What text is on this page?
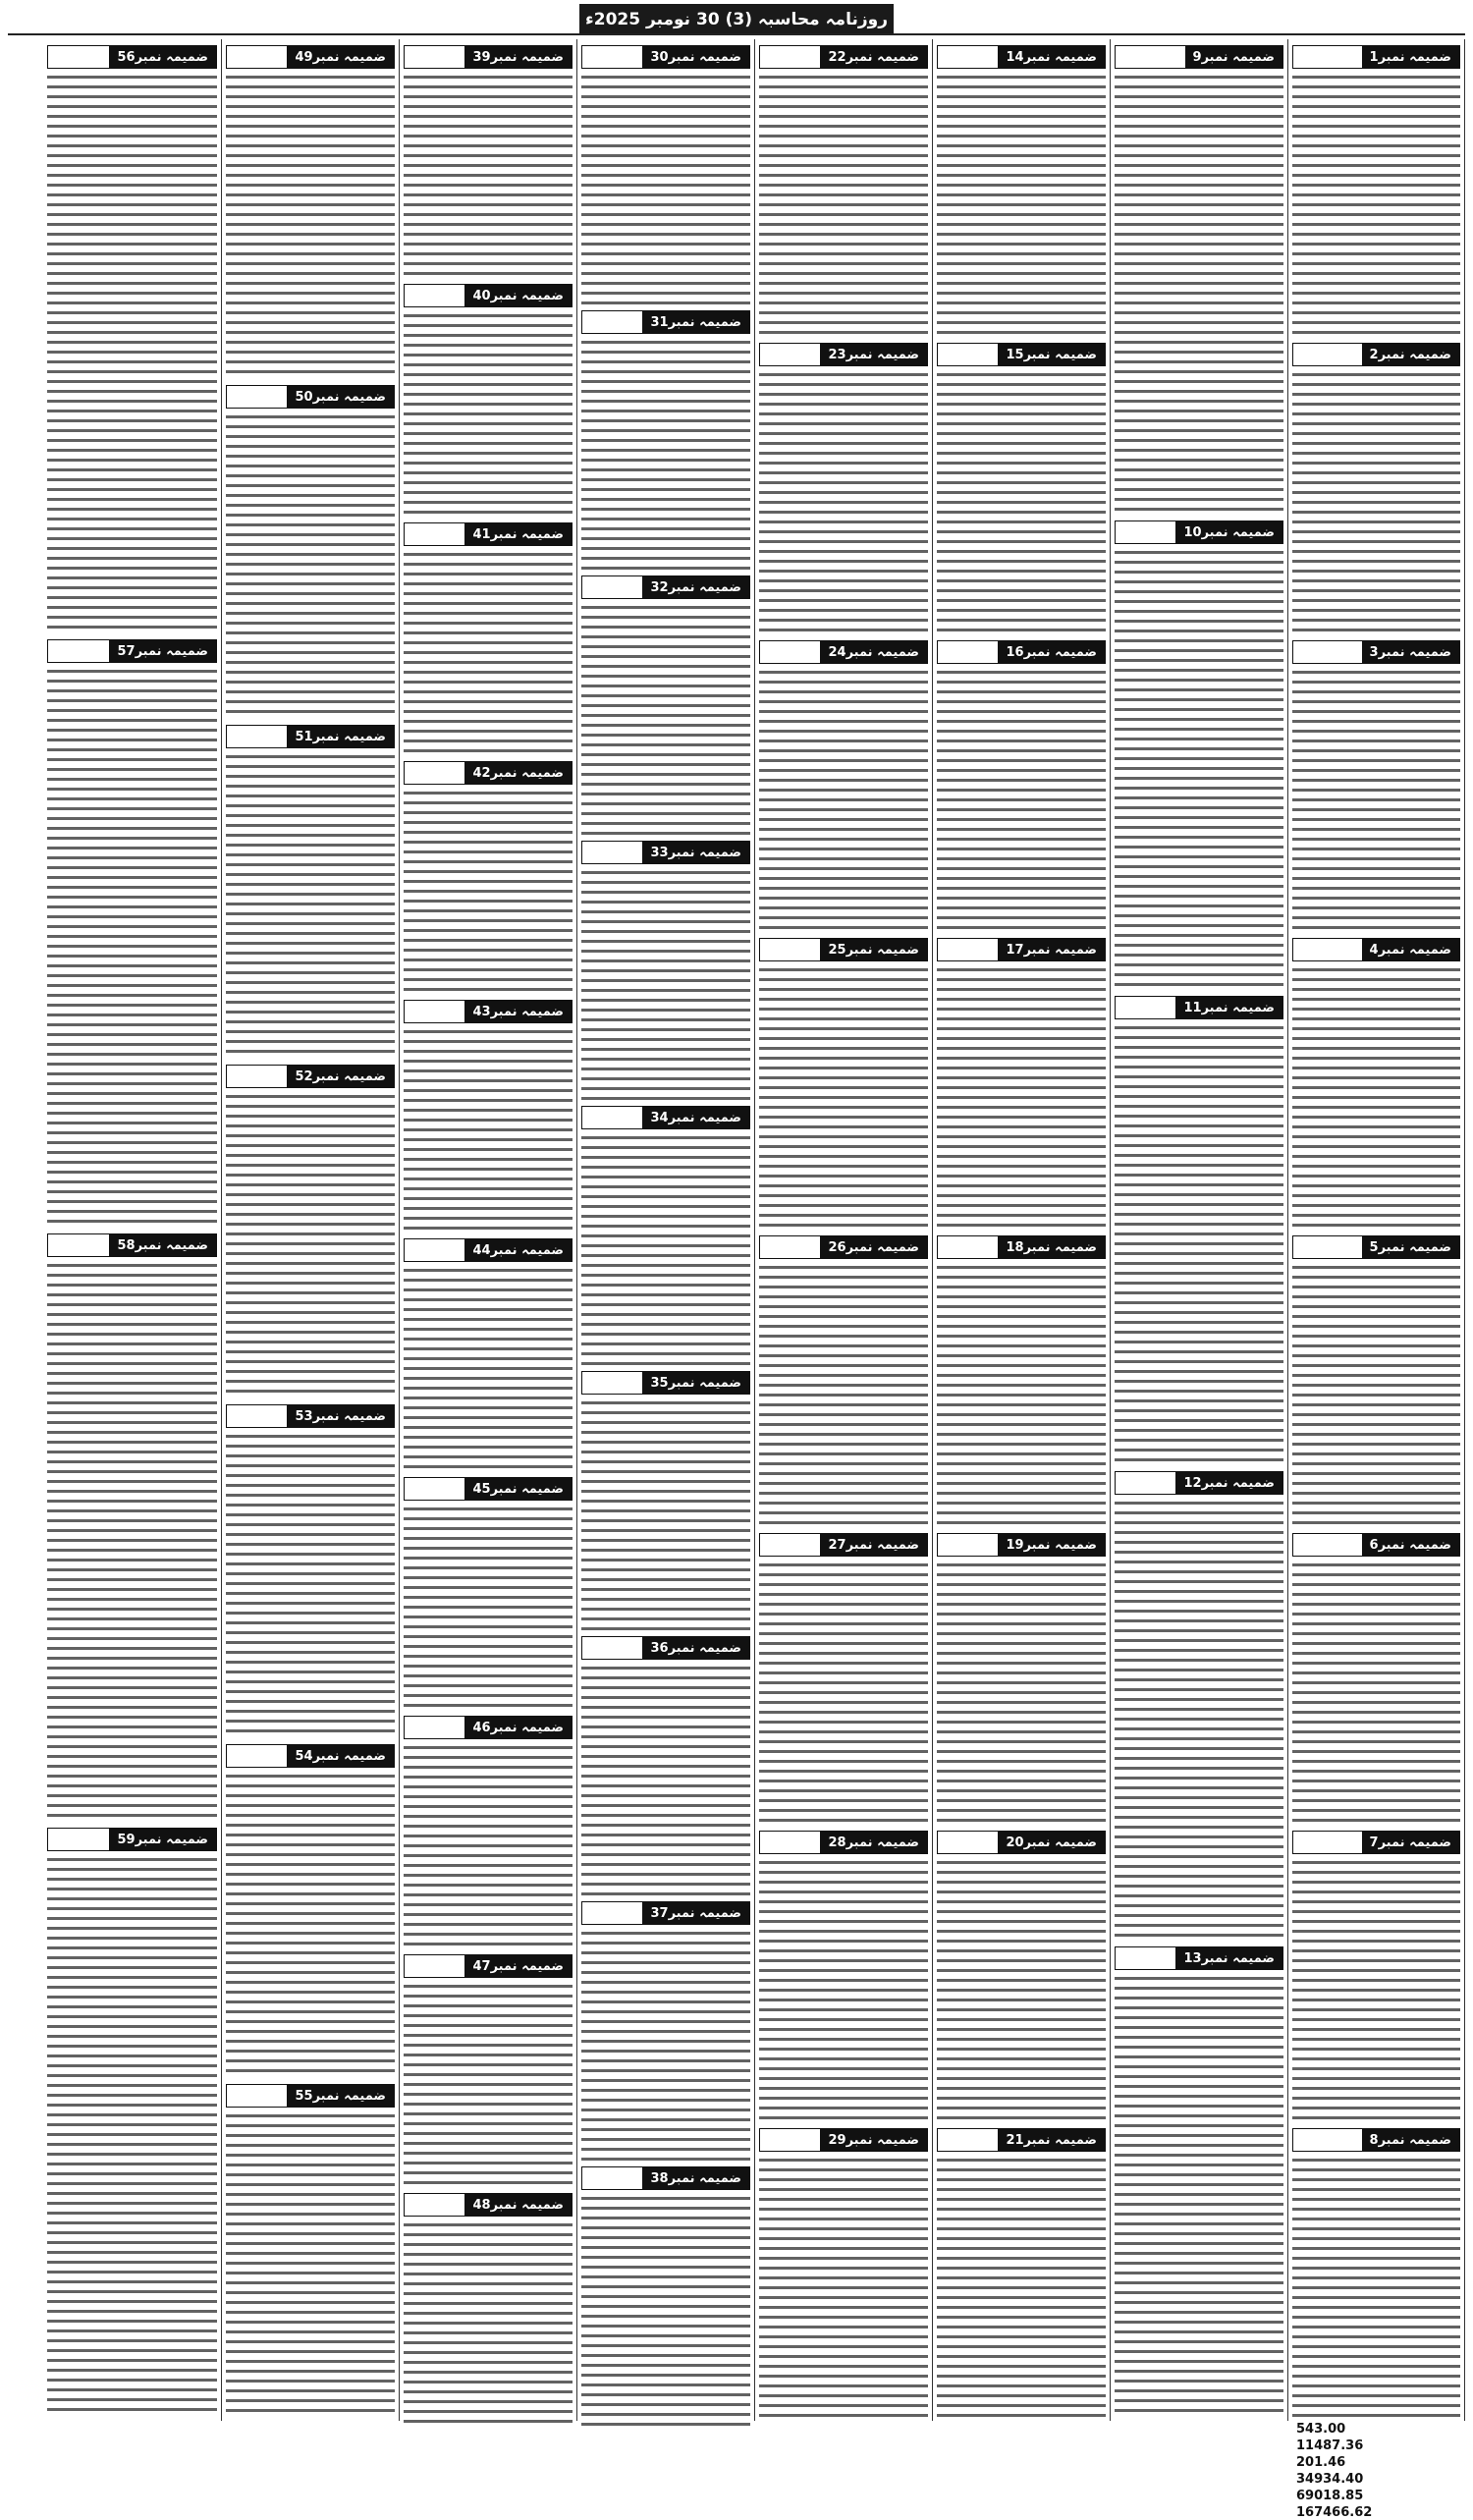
روزنامہ محاسبہ (3) 30 نومبر 2025ء
ضمیمہ نمبر1
ضمیمہ نمبر2
ضمیمہ نمبر3
ضمیمہ نمبر4
ضمیمہ نمبر5
ضمیمہ نمبر6
ضمیمہ نمبر7
ضمیمہ نمبر8
543.00
11487.36
201.46
34934.40
69018.85
167466.62
ضمیمہ نمبر9
ضمیمہ نمبر10
ضمیمہ نمبر11
ضمیمہ نمبر12
ضمیمہ نمبر13
ضمیمہ نمبر14
ضمیمہ نمبر15
ضمیمہ نمبر16
ضمیمہ نمبر17
ضمیمہ نمبر18
ضمیمہ نمبر19
ضمیمہ نمبر20
ضمیمہ نمبر21
ضمیمہ نمبر22
ضمیمہ نمبر23
ضمیمہ نمبر24
ضمیمہ نمبر25
ضمیمہ نمبر26
ضمیمہ نمبر27
ضمیمہ نمبر28
ضمیمہ نمبر29
ضمیمہ نمبر30
ضمیمہ نمبر31
ضمیمہ نمبر32
ضمیمہ نمبر33
ضمیمہ نمبر34
ضمیمہ نمبر35
ضمیمہ نمبر36
ضمیمہ نمبر37
ضمیمہ نمبر38
ضمیمہ نمبر39
ضمیمہ نمبر40
ضمیمہ نمبر41
ضمیمہ نمبر42
ضمیمہ نمبر43
ضمیمہ نمبر44
ضمیمہ نمبر45
ضمیمہ نمبر46
ضمیمہ نمبر47
ضمیمہ نمبر48
ضمیمہ نمبر49
ضمیمہ نمبر50
ضمیمہ نمبر51
ضمیمہ نمبر52
ضمیمہ نمبر53
ضمیمہ نمبر54
ضمیمہ نمبر55
ضمیمہ نمبر56
ضمیمہ نمبر57
ضمیمہ نمبر58
ضمیمہ نمبر59
